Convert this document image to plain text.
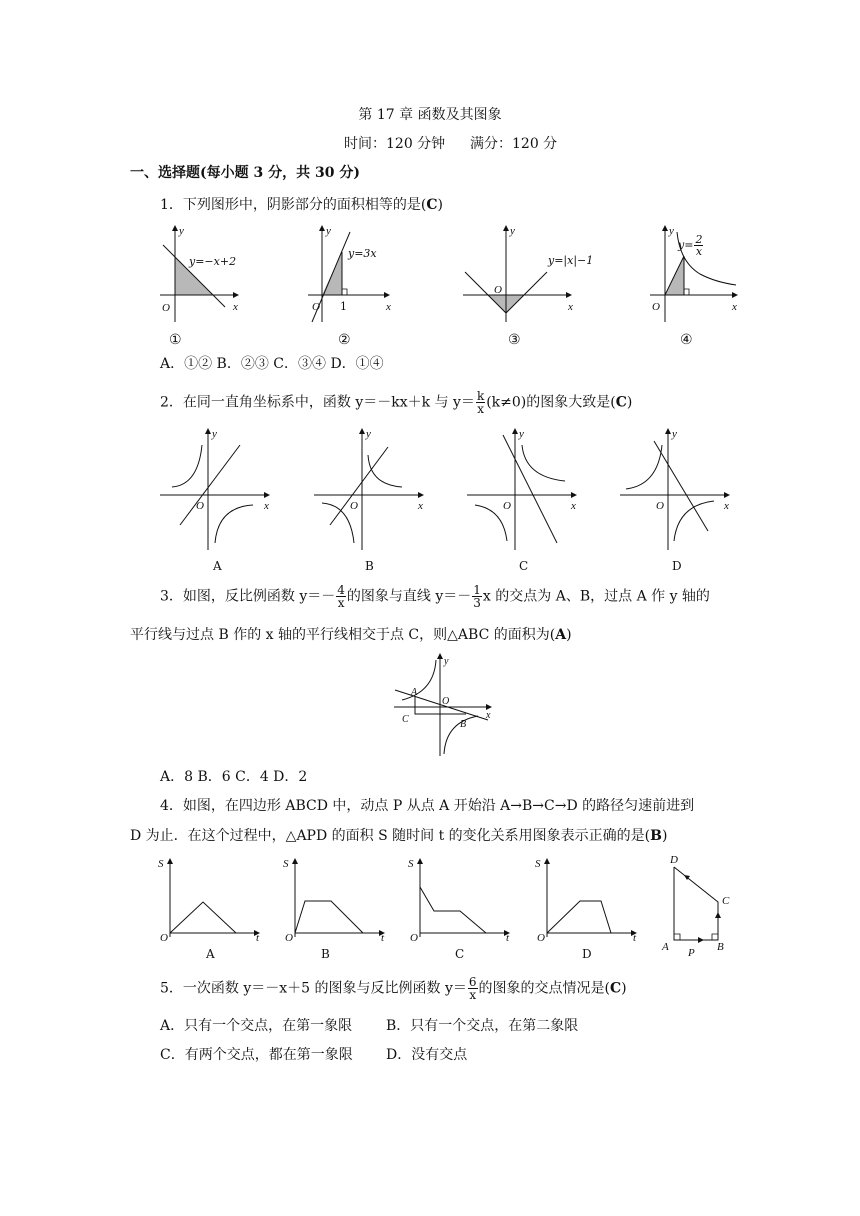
第 17 章 函数及其图象
时间：120 分钟 满分：120 分
一、选择题(每小题 3 分，共 30 分)
1．下列图形中，阴影部分的面积相等的是(C)
y
x
O
y=−x+2
①
y
x
O
y=3x
1
②
y
x
O
y=|x|−1
③
y
x
O
$y= \frac{2}{x}$
④
A．①② B．②③ C．③④ D．①④
2．在同一直角坐标系中，函数 y＝－kx＋k 与 $y= \frac{k}{x} (k\ne 0)$的图象大致是(C)
y
x
O
A
y
x
O
B
y
x
O
C
y
x
O
D
3．如图，反比例函数 $y=- \frac{4}{x}$ 的图象与直线 $y=- \frac{1}{3}$ x 的交点为 A、B，过点 A 作 y 轴的
平行线与过点 B 作的 x 轴的平行线相交于点 C，则△ABC 的面积为(A)
y
x
O
A
C	B
A．8 B．6 C．4 D．2
4．如图，在四边形 ABCD 中，动点 P 从点 A 开始沿 A→B→C→D 的路径匀速前进到
D 为止．在这个过程中，△APD 的面积 S 随时间 t 的变化关系用图象表示正确的是(B)
S
t
O
A
S
t
O
B
S
t
O
C
S
t
O
D
D
C
A	B
P
5．一次函数 y＝－x＋5 的图象与反比例函数 $y= \frac{6}{x}$ 的图象的交点情况是(C)
A．只有一个交点，在第一象限 B．只有一个交点，在第二象限
C．有两个交点，都在第一象限 D．没有交点
